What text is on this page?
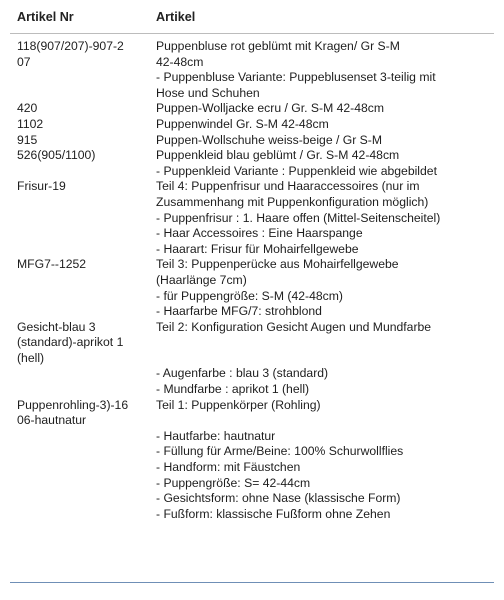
Artikel Nr	Artikel
118(907/207)-907-2	Puppenbluse rot geblümt mit Kragen/ Gr S-M
07	42-48cm
- Puppenbluse Variante: Puppeblusenset 3-teilig mit
Hose und Schuhen
420	Puppen-Wolljacke ecru / Gr. S-M 42-48cm
1102	Puppenwindel Gr. S-M 42-48cm
915	Puppen-Wollschuhe weiss-beige / Gr S-M
526(905/1100)	Puppenkleid blau geblümt / Gr. S-M 42-48cm
- Puppenkleid Variante : Puppenkleid wie abgebildet
Frisur-19	Teil 4: Puppenfrisur und Haaraccessoires (nur im
Zusammenhang mit Puppenkonfiguration möglich)
- Puppenfrisur : 1. Haare offen (Mittel-Seitenscheitel)
- Haar Accessoires : Eine Haarspange
- Haarart: Frisur für Mohairfellgewebe
MFG7--1252	Teil 3: Puppenperücke aus Mohairfellgewebe
(Haarlänge 7cm)
- für Puppengröße: S-M (42-48cm)
- Haarfarbe MFG/7: strohblond
Gesicht-blau 3	Teil 2: Konfiguration Gesicht Augen und Mundfarbe
(standard)-aprikot 1

(hell)

- Augenfarbe : blau 3 (standard)
- Mundfarbe : aprikot 1 (hell)
Puppenrohling-3)-16	Teil 1: Puppenkörper (Rohling)
06-hautnatur

- Hautfarbe: hautnatur
- Füllung für Arme/Beine: 100% Schurwollflies
- Handform: mit Fäustchen
- Puppengröße: S= 42-44cm
- Gesichtsform: ohne Nase (klassische Form)
- Fußform: klassische Fußform ohne Zehen
